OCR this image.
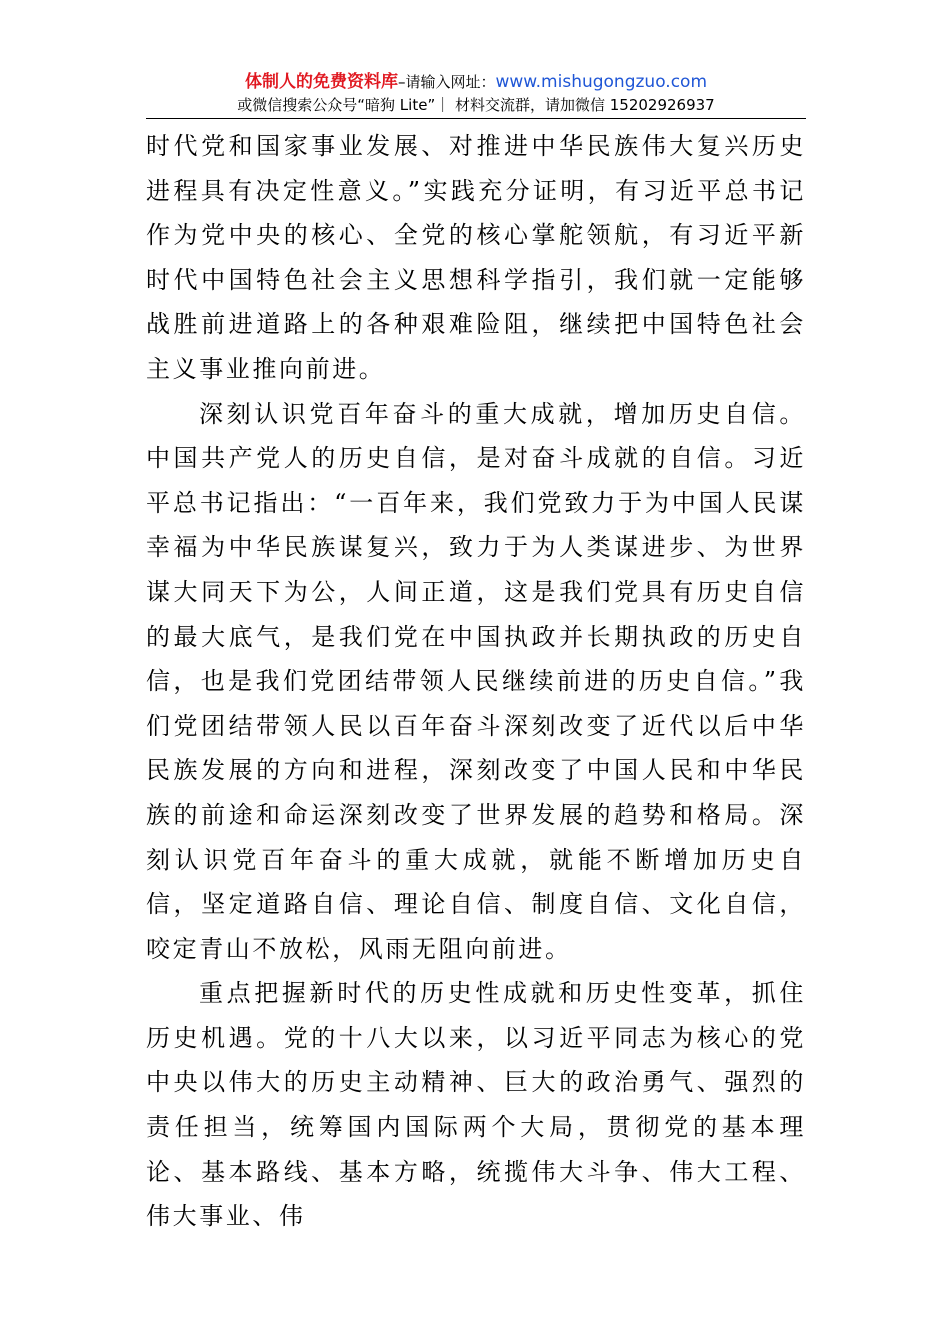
体制人的免费资料库–请输入网址：www.mishugongzuo.com
或微信搜索公众号“暗狗 Lite”｜ 材料交流群，请加微信 15202926937

时代党和国家事业发展、对推进中华民族伟大复兴历史进程具有决定性意义。”实践充分证明，有习近平总书记作为党中央的核心、全党的核心掌舵领航，有习近平新时代中国特色社会主义思想科学指引，我们就一定能够战胜前进道路上的各种艰难险阻，继续把中国特色社会主义事业推向前进。

深刻认识党百年奋斗的重大成就，增加历史自信。中国共产党人的历史自信，是对奋斗成就的自信。习近平总书记指出：“一百年来，我们党致力于为中国人民谋幸福为中华民族谋复兴，致力于为人类谋进步、为世界谋大同天下为公，人间正道，这是我们党具有历史自信的最大底气，是我们党在中国执政并长期执政的历史自信，也是我们党团结带领人民继续前进的历史自信。”我们党团结带领人民以百年奋斗深刻改变了近代以后中华民族发展的方向和进程，深刻改变了中国人民和中华民族的前途和命运深刻改变了世界发展的趋势和格局。深刻认识党百年奋斗的重大成就，就能不断增加历史自信，坚定道路自信、理论自信、制度自信、文化自信，咬定青山不放松，风雨无阻向前进。

重点把握新时代的历史性成就和历史性变革，抓住历史机遇。党的十八大以来，以习近平同志为核心的党中央以伟大的历史主动精神、巨大的政治勇气、强烈的责任担当，统筹国内国际两个大局，贯彻党的基本理论、基本路线、基本方略，统揽伟大斗争、伟大工程、伟大事业、伟
